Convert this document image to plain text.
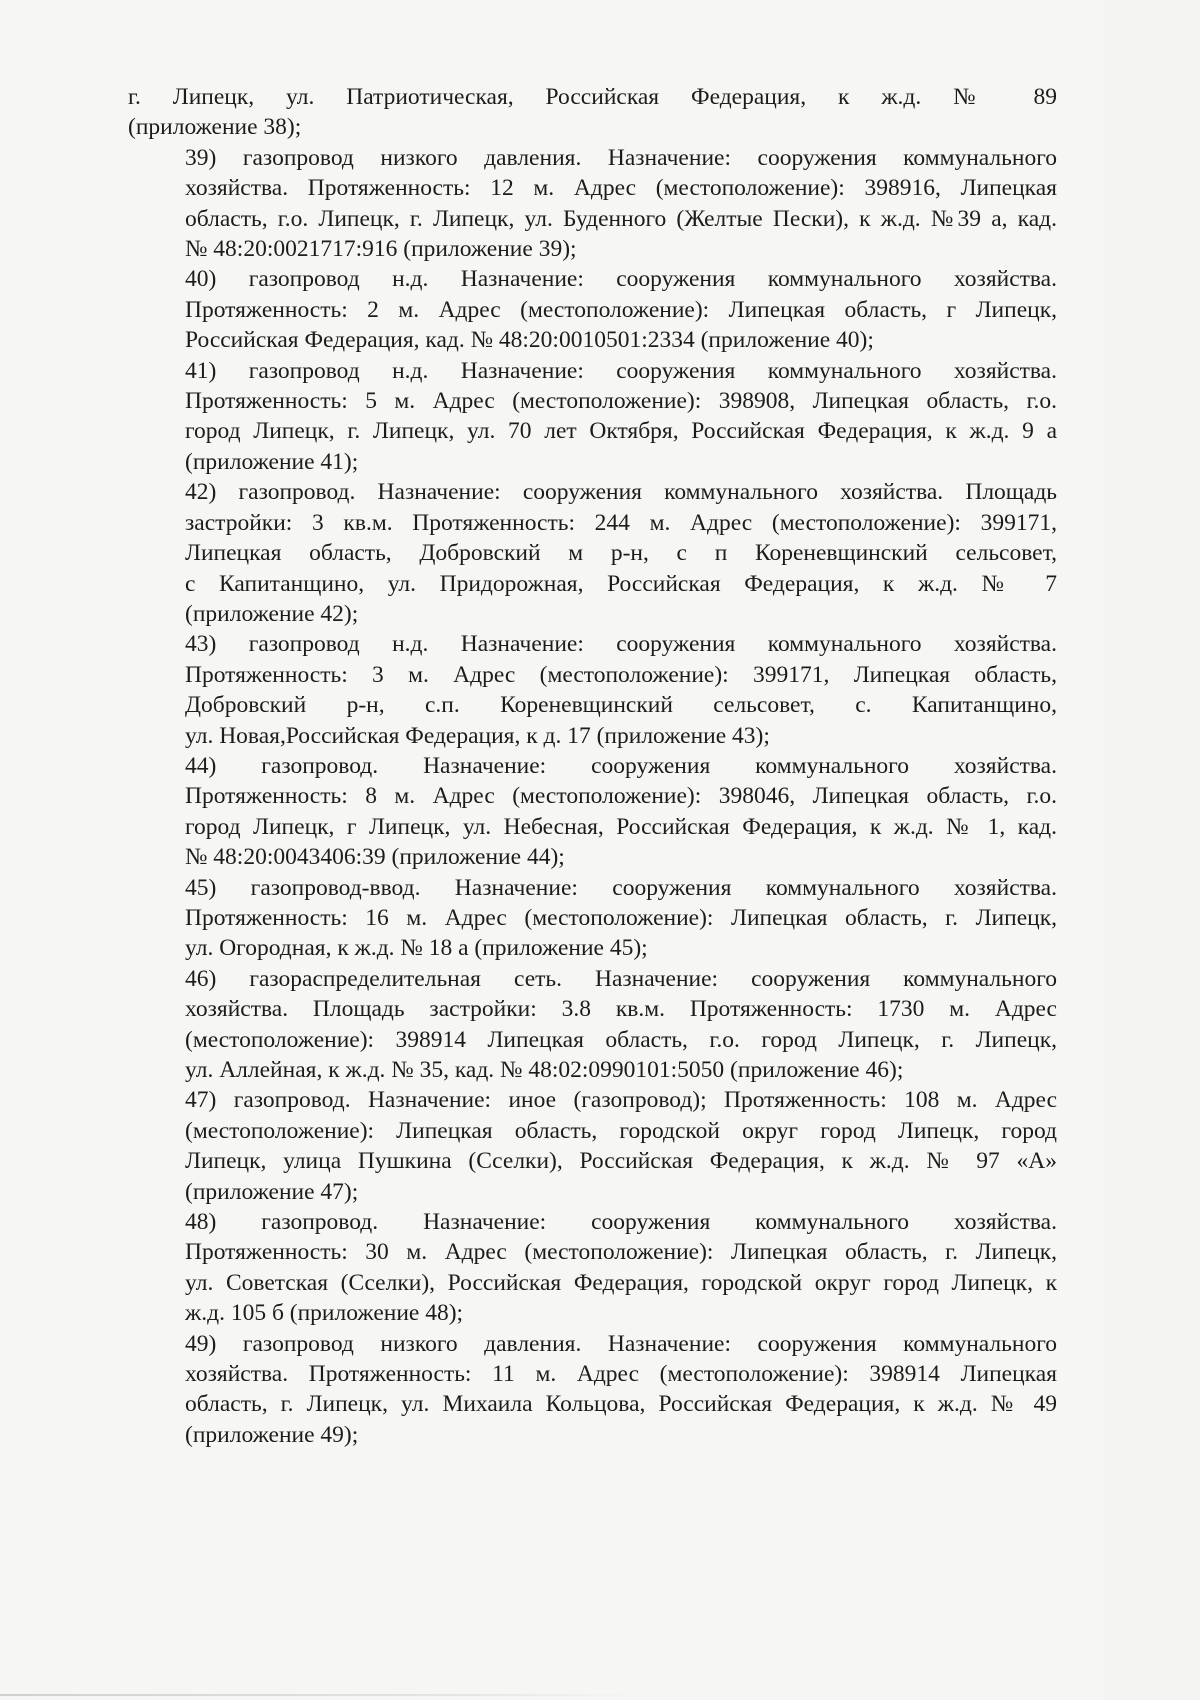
г. Липецк, ул. Патриотическая, Российская Федерация, к ж.д. № 89
(приложение 38);

39) газопровод низкого давления. Назначение: сооружения коммунального
хозяйства. Протяженность: 12 м. Адрес (местоположение): 398916, Липецкая
область, г.о. Липецк, г. Липецк, ул. Буденного (Желтые Пески), к ж.д. №39 а, кад.
№ 48:20:0021717:916 (приложение 39);

40) газопровод н.д. Назначение: сооружения коммунального хозяйства.
Протяженность: 2 м. Адрес (местоположение): Липецкая область, г Липецк,
Российская Федерация, кад. № 48:20:0010501:2334 (приложение 40);

41) газопровод н.д. Назначение: сооружения коммунального хозяйства.
Протяженность: 5 м. Адрес (местоположение): 398908, Липецкая область, г.о.
город Липецк, г. Липецк, ул. 70 лет Октября, Российская Федерация, к ж.д. 9 а
(приложение 41);

42) газопровод. Назначение: сооружения коммунального хозяйства. Площадь
застройки: 3 кв.м. Протяженность: 244 м. Адрес (местоположение): 399171,
Липецкая область, Добровский м р-н, с п Кореневщинский сельсовет,
с Капитанщино, ул. Придорожная, Российская Федерация, к ж.д. № 7
(приложение 42);

43) газопровод н.д. Назначение: сооружения коммунального хозяйства.
Протяженность: 3 м. Адрес (местоположение): 399171, Липецкая область,
Добровский р-н, с.п. Кореневщинский сельсовет, с. Капитанщино,
ул. Новая,Российская Федерация, к д. 17 (приложение 43);

44) газопровод. Назначение: сооружения коммунального хозяйства.
Протяженность: 8 м. Адрес (местоположение): 398046, Липецкая область, г.о.
город Липецк, г Липецк, ул. Небесная, Российская Федерация, к ж.д. № 1, кад.
№ 48:20:0043406:39 (приложение 44);

45) газопровод-ввод. Назначение: сооружения коммунального хозяйства.
Протяженность: 16 м. Адрес (местоположение): Липецкая область, г. Липецк,
ул. Огородная, к ж.д. № 18 а (приложение 45);

46) газораспределительная сеть. Назначение: сооружения коммунального
хозяйства. Площадь застройки: 3.8 кв.м. Протяженность: 1730 м. Адрес
(местоположение): 398914 Липецкая область, г.о. город Липецк, г. Липецк,
ул. Аллейная, к ж.д. № 35, кад. № 48:02:0990101:5050 (приложение 46);

47) газопровод. Назначение: иное (газопровод); Протяженность: 108 м. Адрес
(местоположение): Липецкая область, городской округ город Липецк, город
Липецк, улица Пушкина (Сселки), Российская Федерация, к ж.д. № 97 «А»
(приложение 47);

48) газопровод. Назначение: сооружения коммунального хозяйства.
Протяженность: 30 м. Адрес (местоположение): Липецкая область, г. Липецк,
ул. Советская (Сселки), Российская Федерация, городской округ город Липецк, к
ж.д. 105 б (приложение 48);

49) газопровод низкого давления. Назначение: сооружения коммунального
хозяйства. Протяженность: 11 м. Адрес (местоположение): 398914 Липецкая
область, г. Липецк, ул. Михаила Кольцова, Российская Федерация, к ж.д. № 49
(приложение 49);
